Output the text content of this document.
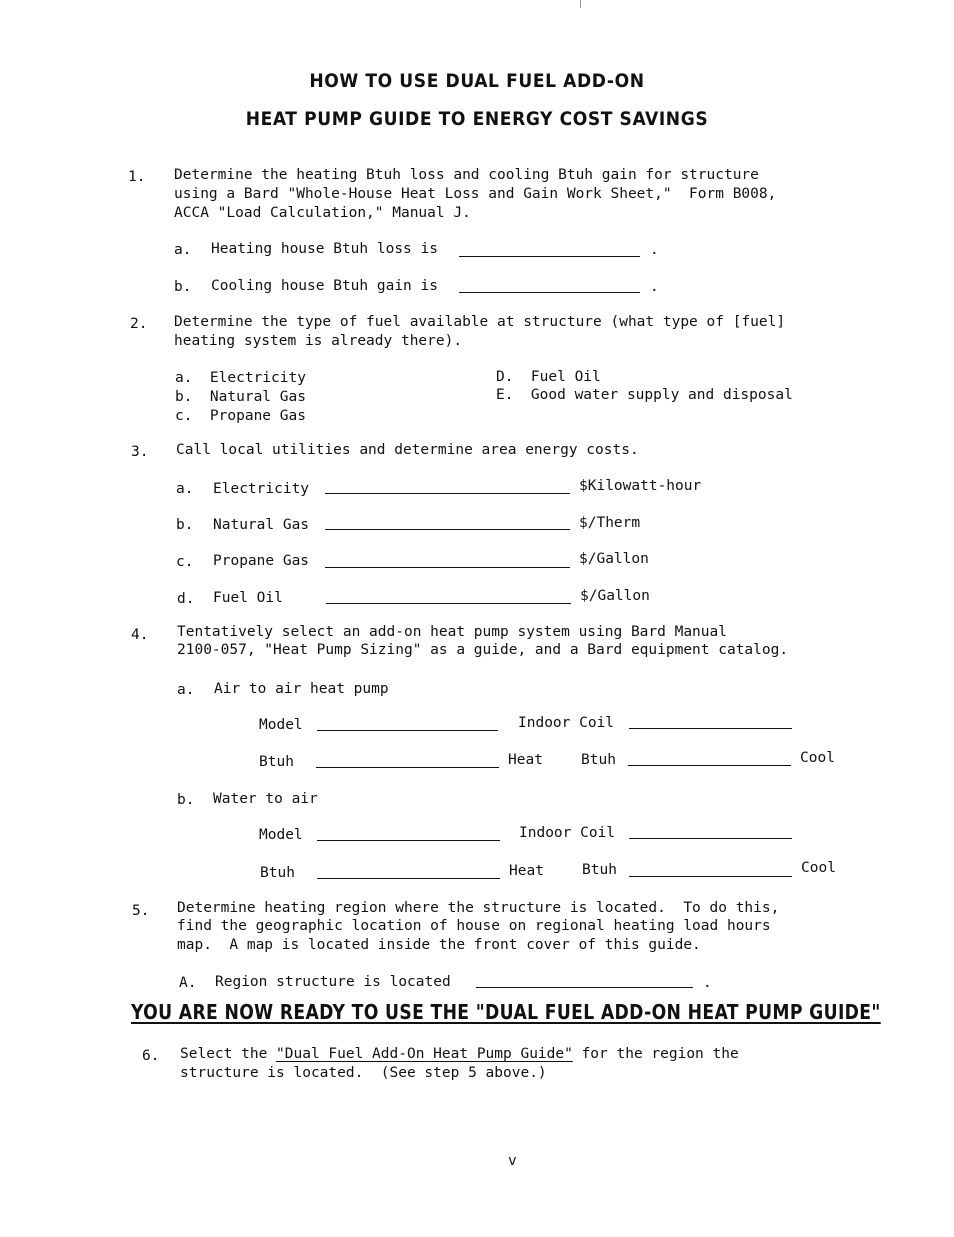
HOW TO USE DUAL FUEL ADD-ON
HEAT PUMP GUIDE TO ENERGY COST SAVINGS
1. Determine the heating Btuh loss and cooling Btuh gain for structure
using a Bard "Whole-House Heat Loss and Gain Work Sheet,"  Form B008,
ACCA "Load Calculation," Manual J.
a. Heating house Btuh loss is	.
b. Cooling house Btuh gain is	.
2. Determine the type of fuel available at structure (what type of [fuel]
heating system is already there).
a.  Electricity
b.  Natural Gas
c.  Propane Gas
D.  Fuel Oil
E.  Good water supply and disposal
3. Call local utilities and determine area energy costs.
a. Electricity	$Kilowatt-hour
b. Natural Gas	$/Therm
c. Propane Gas	$/Gallon
d. Fuel Oil	$/Gallon
4. Tentatively select an add-on heat pump system using Bard Manual
2100-057, "Heat Pump Sizing" as a guide, and a Bard equipment catalog.
a. Air to air heat pump
Model	Indoor Coil
Btuh	Heat	Btuh	Cool
b. Water to air
Model	Indoor Coil
Btuh	Heat	Btuh	Cool
5. Determine heating region where the structure is located.  To do this,
find the geographic location of house on regional heating load hours
map.  A map is located inside the front cover of this guide.
A. Region structure is located	.
YOU ARE NOW READY TO USE THE "DUAL FUEL ADD-ON HEAT PUMP GUIDE"
6. Select the "Dual Fuel Add-On Heat Pump Guide" for the region the
structure is located.  (See step 5 above.)
v
